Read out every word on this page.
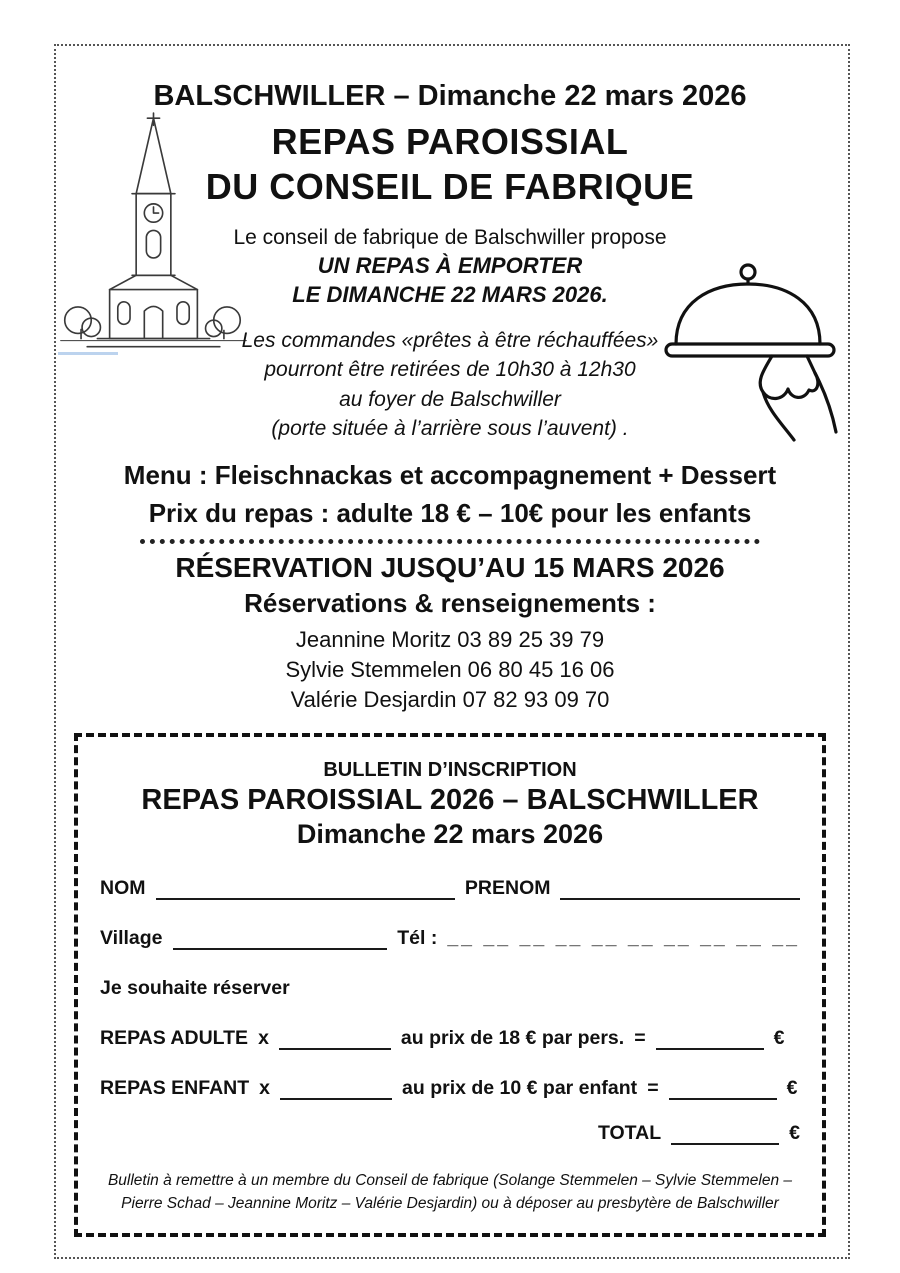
BALSCHWILLER – Dimanche 22 mars 2026
REPAS PAROISSIAL
DU CONSEIL DE FABRIQUE
Le conseil de fabrique de Balschwiller propose
UN REPAS À EMPORTER
LE DIMANCHE 22 MARS 2026.
Les commandes «prêtes à être réchauffées»
pourront être retirées de 10h30 à 12h30
au foyer de Balschwiller
(porte située à l’arrière sous l’auvent) .
Menu : Fleischnackas et accompagnement + Dessert
Prix du repas : adulte 18 € – 10€ pour les enfants
RÉSERVATION JUSQU’AU 15 MARS 2026
Réservations & renseignements :
Jeannine Moritz 03 89 25 39 79
Sylvie Stemmelen 06 80 45 16 06
Valérie Desjardin 07 82 93 09 70
BULLETIN D’INSCRIPTION
REPAS PAROISSIAL 2026 – BALSCHWILLER
Dimanche 22 mars 2026
NOM	PRENOM
Village	Tél : __ __ __ __ __ __ __ __ __ __
Je souhaite réserver
REPAS ADULTE x	au prix de 18 € par pers. =	€
REPAS ENFANT x	au prix de 10 € par enfant =	€
TOTAL	€
Bulletin à remettre à un membre du Conseil de fabrique (Solange Stemmelen – Sylvie Stemmelen – Pierre Schad – Jeannine Moritz – Valérie Desjardin) ou à déposer au presbytère de Balschwiller
